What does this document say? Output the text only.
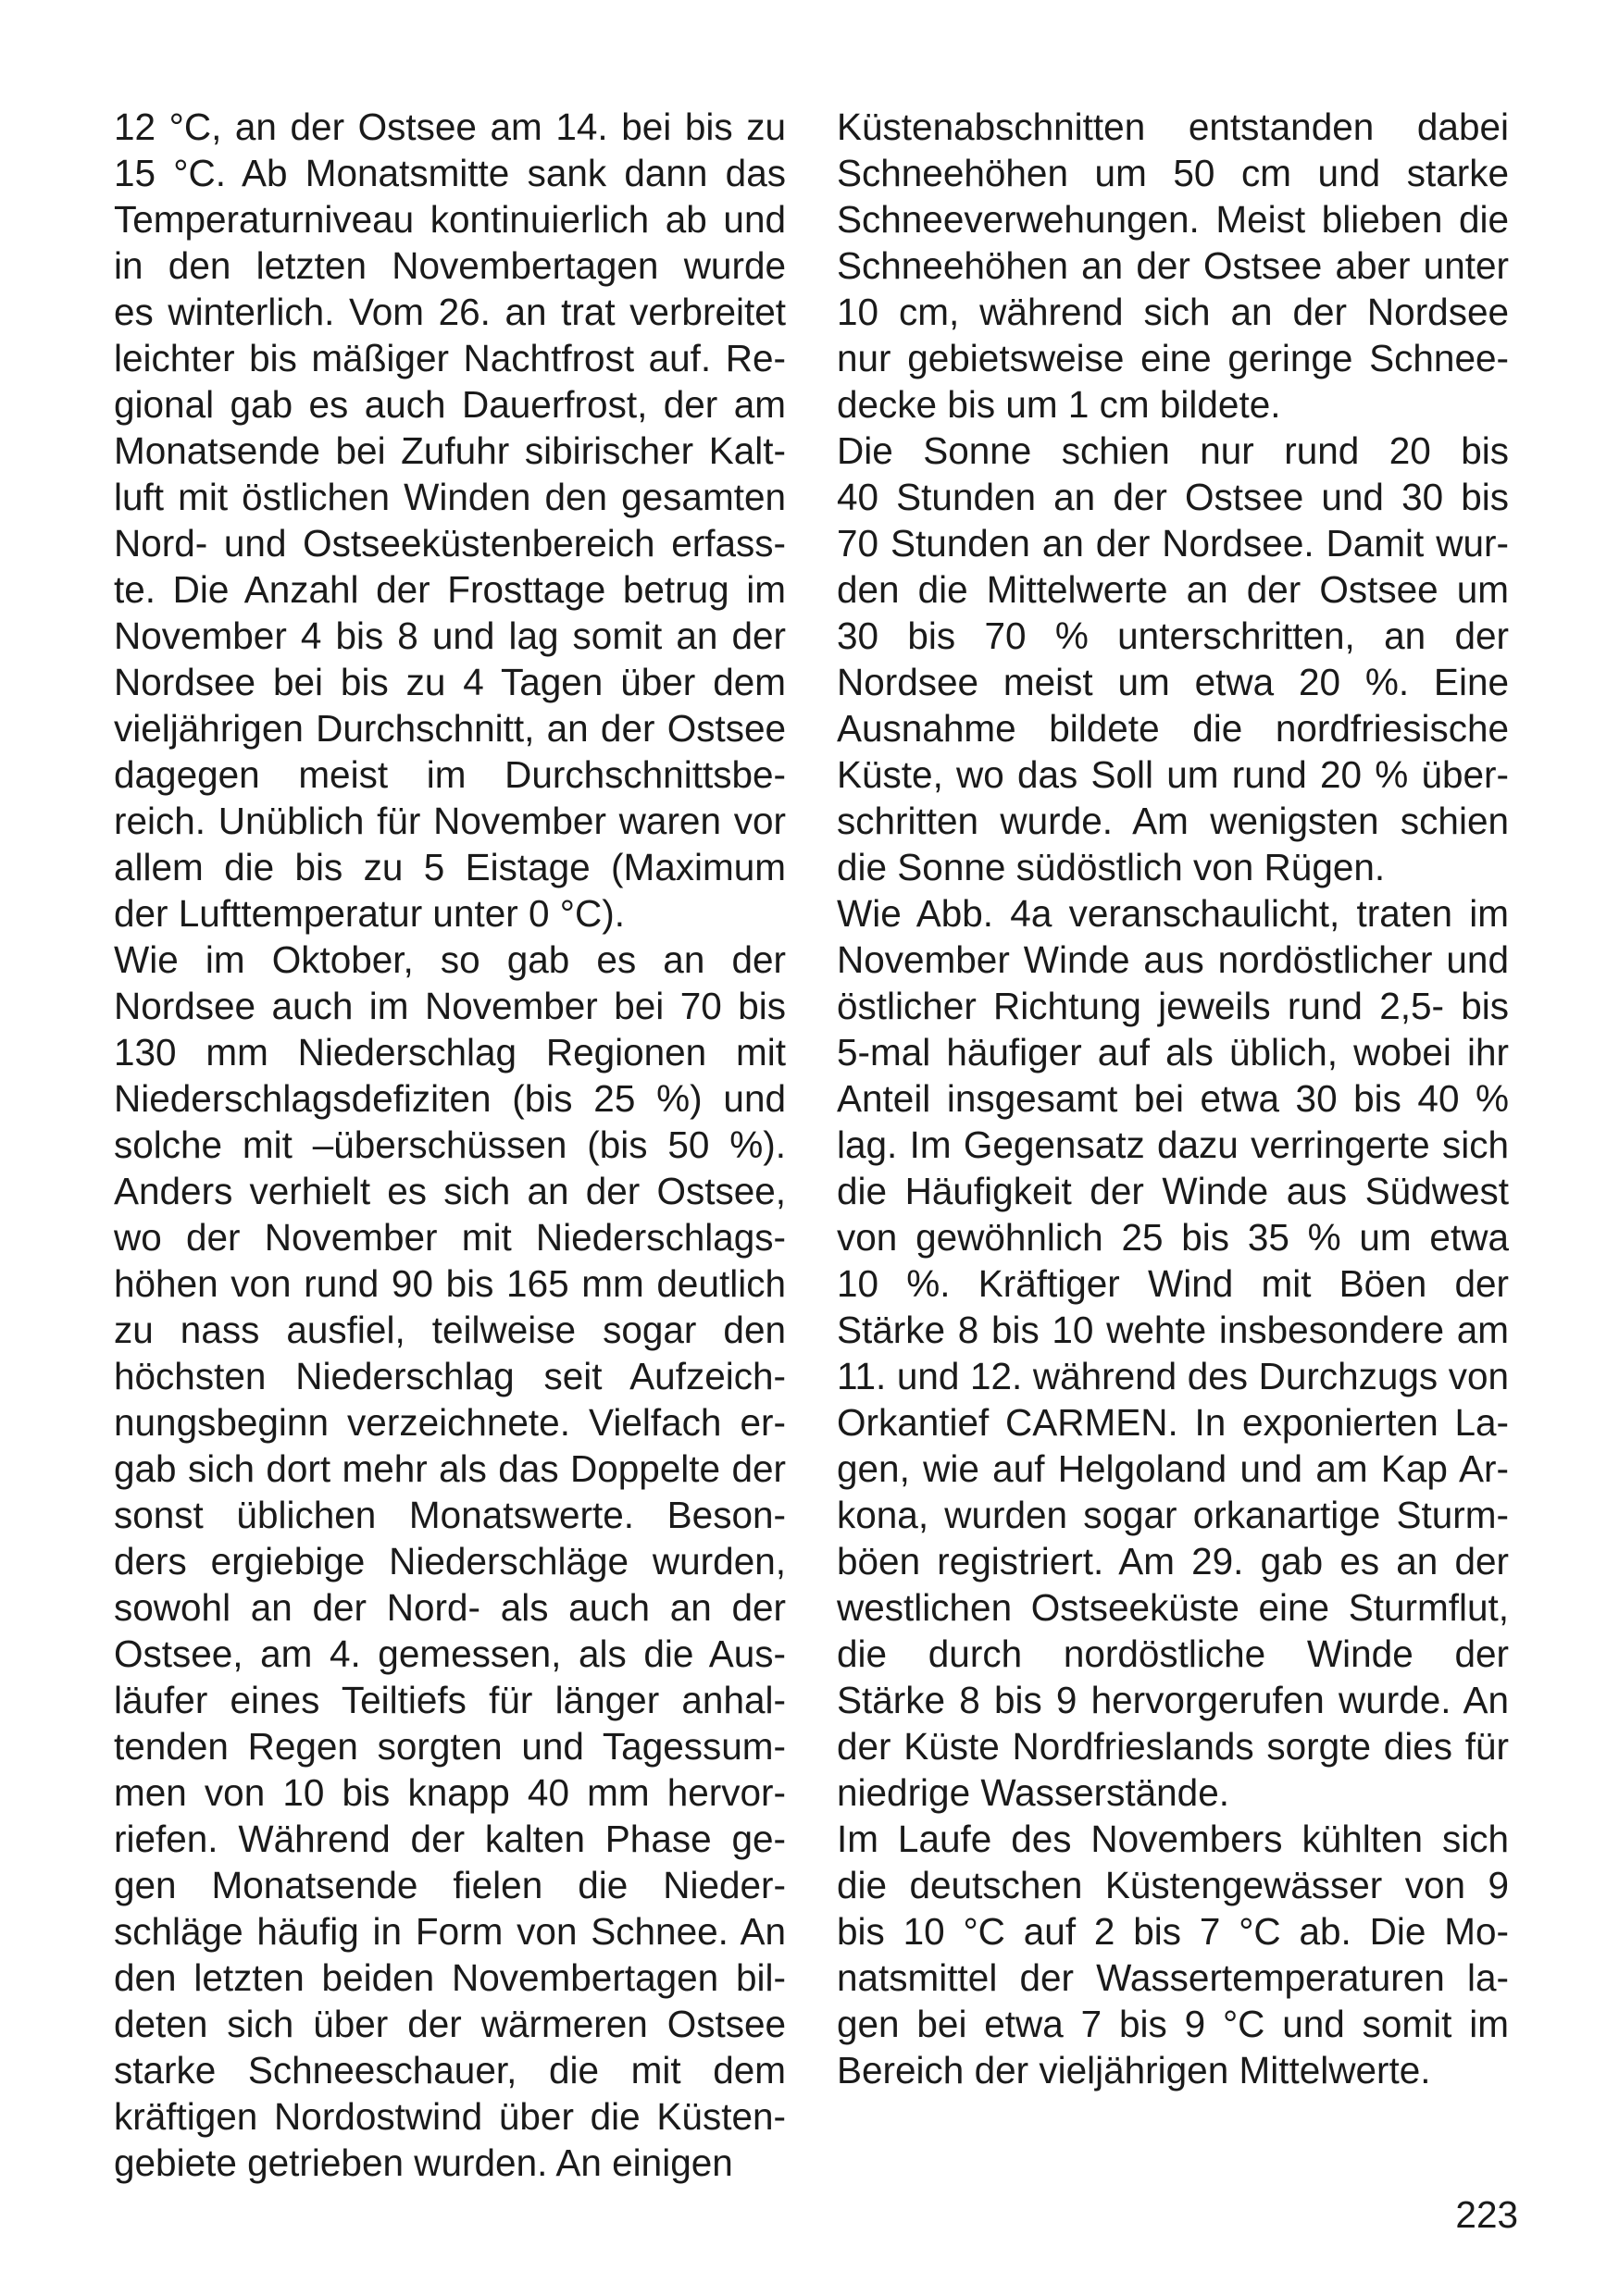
12 °C, an der Ostsee am 14. bei bis zu
15 °C. Ab Monatsmitte sank dann das
Temperaturniveau kontinuierlich ab und
in den letzten Novembertagen wurde
es winterlich. Vom 26. an trat verbreitet
leichter bis mäßiger Nachtfrost auf. Re-
gional gab es auch Dauerfrost, der am
Monatsende bei Zufuhr sibirischer Kalt-
luft mit östlichen Winden den gesamten
Nord- und Ostseeküstenbereich erfass-
te. Die Anzahl der Frosttage betrug im
November 4 bis 8 und lag somit an der
Nordsee bei bis zu 4 Tagen über dem
vieljährigen Durchschnitt, an der Ostsee
dagegen meist im Durchschnittsbe-
reich. Unüblich für November waren vor
allem die bis zu 5 Eistage (Maximum
der Lufttemperatur unter 0 °C).

Wie im Oktober, so gab es an der
Nordsee auch im November bei 70 bis
130 mm Niederschlag Regionen mit
Niederschlagsdefiziten (bis 25 %) und
solche mit –überschüssen (bis 50 %).
Anders verhielt es sich an der Ostsee,
wo der November mit Niederschlags-
höhen von rund 90 bis 165 mm deutlich
zu nass ausfiel, teilweise sogar den
höchsten Niederschlag seit Aufzeich-
nungsbeginn verzeichnete. Vielfach er-
gab sich dort mehr als das Doppelte der
sonst üblichen Monatswerte. Beson-
ders ergiebige Niederschläge wurden,
sowohl an der Nord- als auch an der
Ostsee, am 4. gemessen, als die Aus-
läufer eines Teiltiefs für länger anhal-
tenden Regen sorgten und Tagessum-
men von 10 bis knapp 40 mm hervor-
riefen. Während der kalten Phase ge-
gen Monatsende fielen die Nieder-
schläge häufig in Form von Schnee. An
den letzten beiden Novembertagen bil-
deten sich über der wärmeren Ostsee
starke Schneeschauer, die mit dem
kräftigen Nordostwind über die Küsten-
gebiete getrieben wurden. An einigen

Küstenabschnitten entstanden dabei
Schneehöhen um 50 cm und starke
Schneeverwehungen. Meist blieben die
Schneehöhen an der Ostsee aber unter
10 cm, während sich an der Nordsee
nur gebietsweise eine geringe Schnee-
decke bis um 1 cm bildete.

Die Sonne schien nur rund 20 bis
40 Stunden an der Ostsee und 30 bis
70 Stunden an der Nordsee. Damit wur-
den die Mittelwerte an der Ostsee um
30 bis 70 % unterschritten, an der
Nordsee meist um etwa 20 %. Eine
Ausnahme bildete die nordfriesische
Küste, wo das Soll um rund 20 % über-
schritten wurde. Am wenigsten schien
die Sonne südöstlich von Rügen.

Wie Abb. 4a veranschaulicht, traten im
November Winde aus nordöstlicher und
östlicher Richtung jeweils rund 2,5- bis
5-mal häufiger auf als üblich, wobei ihr
Anteil insgesamt bei etwa 30 bis 40 %
lag. Im Gegensatz dazu verringerte sich
die Häufigkeit der Winde aus Südwest
von gewöhnlich 25 bis 35 % um etwa
10 %. Kräftiger Wind mit Böen der
Stärke 8 bis 10 wehte insbesondere am
11. und 12. während des Durchzugs von
Orkantief CARMEN. In exponierten La-
gen, wie auf Helgoland und am Kap Ar-
kona, wurden sogar orkanartige Sturm-
böen registriert. Am 29. gab es an der
westlichen Ostseeküste eine Sturmflut,
die durch nordöstliche Winde der
Stärke 8 bis 9 hervorgerufen wurde. An
der Küste Nordfrieslands sorgte dies für
niedrige Wasserstände.

Im Laufe des Novembers kühlten sich
die deutschen Küstengewässer von 9
bis 10 °C auf 2 bis 7 °C ab. Die Mo-
natsmittel der Wassertemperaturen la-
gen bei etwa 7 bis 9 °C und somit im
Bereich der vieljährigen Mittelwerte.

223
